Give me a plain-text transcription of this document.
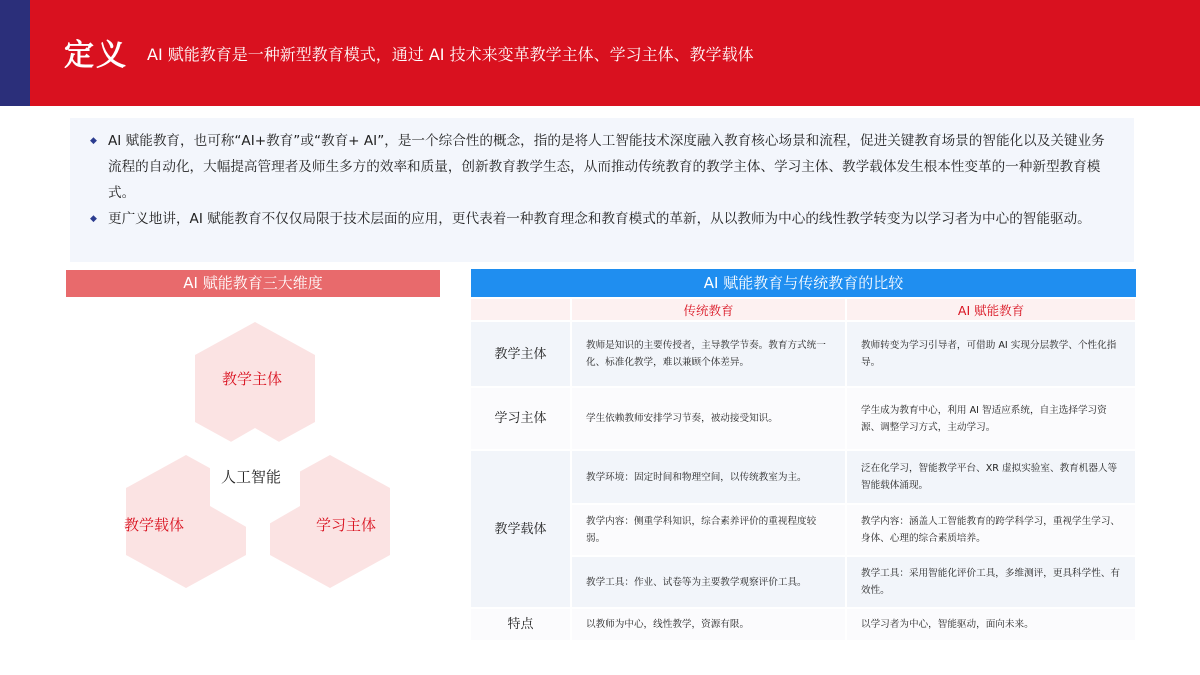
定义 AI 赋能教育是一种新型教育模式，通过 AI 技术来变革教学主体、学习主体、教学载体
◆ AI 赋能教育，也可称“AI+教育”或“教育+ AI”，是一个综合性的概念，指的是将人工智能技术深度融入教育核心场景和流程，促进关键教育场景的智能化以及关键业务流程的自动化，大幅提高管理者及师生多方的效率和质量，创新教育教学生态，从而推动传统教育的教学主体、学习主体、教学载体发生根本性变革的一种新型教育模式。
◆ 更广义地讲，AI 赋能教育不仅仅局限于技术层面的应用，更代表着一种教育理念和教育模式的革新，从以教师为中心的线性教学转变为以学习者为中心的智能驱动。
AI 赋能教育三大维度
教学主体
教学载体	学习主体
人工智能
AI 赋能教育与传统教育的比较
	传统教育	AI 赋能教育
教学主体	教师是知识的主要传授者，主导教学节奏。教育方式统一化、标准化教学，难以兼顾个体差异。	教师转变为学习引导者，可借助 AI 实现分层教学、个性化指导。
学习主体	学生依赖教师安排学习节奏，被动接受知识。	学生成为教育中心，利用 AI 智适应系统，自主选择学习资源、调整学习方式，主动学习。
教学载体	教学环境：固定时间和物理空间，以传统教室为主。	泛在化学习，智能教学平台、XR 虚拟实验室、教育机器人等智能载体涌现。
	教学内容：侧重学科知识，综合素养评价的重视程度较弱。	教学内容：涵盖人工智能教育的跨学科学习，重视学生学习、身体、心理的综合素质培养。
	教学工具：作业、试卷等为主要教学观察评价工具。	教学工具：采用智能化评价工具，多维测评，更具科学性、有效性。
特点	以教师为中心，线性教学，资源有限。	以学习者为中心，智能驱动，面向未来。
